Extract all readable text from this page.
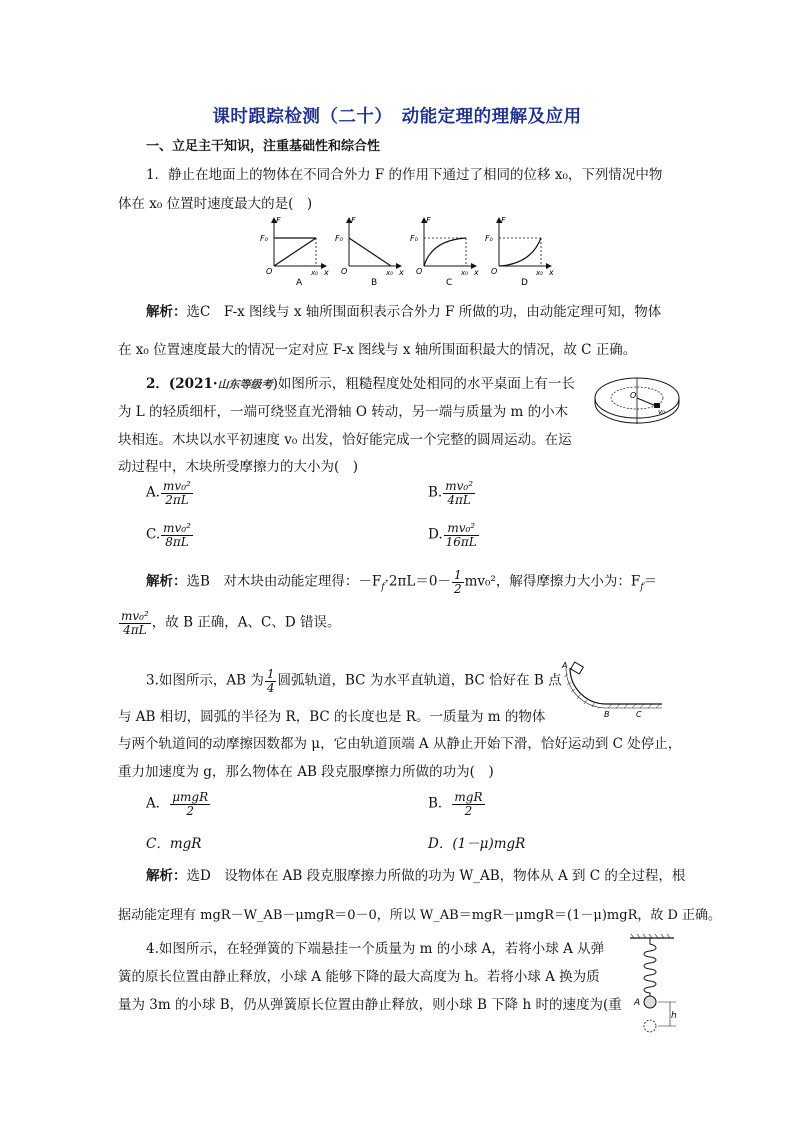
课时跟踪检测（二十）　动能定理的理解及应用
一、立足主干知识，注重基础性和综合性
1．静止在地面上的物体在不同合外力 F 的作用下通过了相同的位移 x₀，下列情况中物
体在 x₀ 位置时速度最大的是(　)
F
F₀
O	x₀ x
A
F
F₀
O	x₀ x
B
F
F₀
O	x₀ x
C
F
F₀
O	x₀ x
D
解析：选C　F-x 图线与 x 轴所围面积表示合外力 F 所做的功，由动能定理可知，物体
在 x₀ 位置速度最大的情况一定对应 F-x 图线与 x 轴所围面积最大的情况，故 C 正确。
2．(2021·山东等级考)如图所示，粗糙程度处处相同的水平桌面上有一长
为 L 的轻质细杆，一端可绕竖直光滑轴 O 转动，另一端与质量为 m 的小木
块相连。木块以水平初速度 v₀ 出发，恰好能完成一个完整的圆周运动。在运
动过程中，木块所受摩擦力的大小为(　)
O
v₀
A. $\frac{\text{mv₀²}}{2\pi L}$	B. $\frac{\text{mv₀²}}{4\pi L}$
C. $\frac{\text{mv₀²}}{8\pi L}$	D. $\frac{\text{mv₀²}}{16\pi L}$
解析：选B　对木块由动能定理得：$-F_f\cdot 2\pi L=0- \frac{1}{2} mv_0^2$，解得摩擦力大小为：$F_f=$
$\frac{\text{mv₀²}}{4\pi L}$ ，故 B 正确，A、C、D 错误。
3.如图所示，AB 为 $\frac{1}{4}$ 圆弧轨道，BC 为水平直轨道，BC 恰好在 B 点
与 AB 相切，圆弧的半径为 R，BC 的长度也是 R。一质量为 m 的物体
与两个轨道间的动摩擦因数都为 μ，它由轨道顶端 A 从静止开始下滑，恰好运动到 C 处停止，
重力加速度为 g，那么物体在 AB 段克服摩擦力所做的功为(　)
A
B	C
A． $\frac{\text{μmgR}}{2}$	B． $\frac{\text{mgR}}{2}$
C．mgR	D．(1－μ)mgR
解析：选D　设物体在 AB 段克服摩擦力所做的功为 W_AB，物体从 A 到 C 的全过程，根
据动能定理有 mgR－W_AB－μmgR＝0－0，所以 W_AB＝mgR－μmgR＝(1－μ)mgR，故 D 正确。
4.如图所示，在轻弹簧的下端悬挂一个质量为 m 的小球 A，若将小球 A 从弹
簧的原长位置由静止释放，小球 A 能够下降的最大高度为 h。若将小球 A 换为质
量为 3m 的小球 B，仍从弹簧原长位置由静止释放，则小球 B 下降 h 时的速度为(重 A
h
